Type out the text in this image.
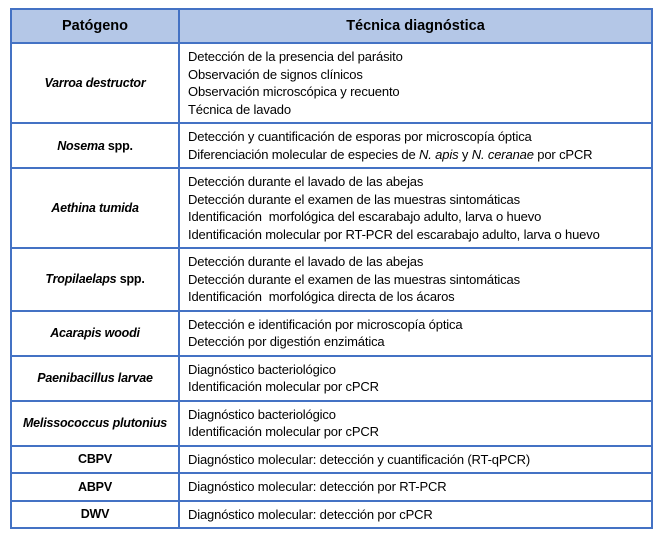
Patógeno	Técnica diagnóstica
Varroa destructor	Detección de la presencia del parásito
Observación de signos clínicos
Observación microscópica y recuento
Técnica de lavado

Nosema spp.	Detección y cuantificación de esporas por microscopía óptica
Diferenciación molecular de especies de N. apis y N. ceranae por cPCR

Aethina tumida	Detección durante el lavado de las abejas
Detección durante el examen de las muestras sintomáticas
Identificación  morfológica del escarabajo adulto, larva o huevo
Identificación molecular por RT-PCR del escarabajo adulto, larva o huevo

Tropilaelaps spp.	Detección durante el lavado de las abejas
Detección durante el examen de las muestras sintomáticas
Identificación  morfológica directa de los ácaros

Acarapis woodi	Detección e identificación por microscopía óptica
Detección por digestión enzimática

Paenibacillus larvae	Diagnóstico bacteriológico
Identificación molecular por cPCR

Melissococcus plutonius	Diagnóstico bacteriológico
Identificación molecular por cPCR

CBPV	Diagnóstico molecular: detección y cuantificación (RT-qPCR)

ABPV	Diagnóstico molecular: detección por RT-PCR

DWV	Diagnóstico molecular: detección por cPCR
